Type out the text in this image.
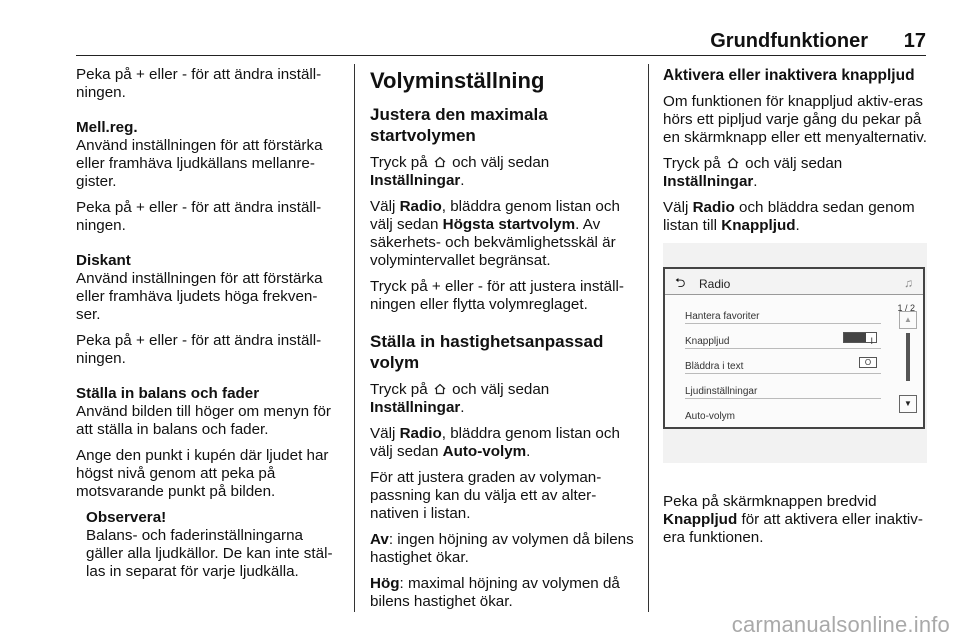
Grundfunktioner 17

Peka på + eller - för att ändra inställ-ningen.

Mell.reg.
Använd inställningen för att förstärka eller framhäva ljudkällans mellanre-gister.

Peka på + eller - för att ändra inställ-ningen.

Diskant
Använd inställningen för att förstärka eller framhäva ljudets höga frekven-ser.

Peka på + eller - för att ändra inställ-ningen.

Ställa in balans och fader
Använd bilden till höger om menyn för att ställa in balans och fader.

Ange den punkt i kupén där ljudet har högst nivå genom att peka på motsvarande punkt på bilden.

Observera!
Balans- och faderinställningarna gäller alla ljudkällor. De kan inte stäl-las in separat för varje ljudkälla.

Volyminställning
Justera den maximala startvolymen

Tryck på och välj sedan
Inställningar.

Välj Radio, bläddra genom listan och välj sedan Högsta startvolym. Av säkerhets- och bekvämlighetsskäl är volymintervallet begränsat.

Tryck på + eller - för att justera inställ-ningen eller flytta volymreglaget.

Ställa in hastighetsanpassad volym

Tryck på och välj sedan
Inställningar.

Välj Radio, bläddra genom listan och välj sedan Auto-volym.

För att justera graden av volyman-passning kan du välja ett av alter-nativen i listan.

Av: ingen höjning av volymen då bilens hastighet ökar.

Hög: maximal höjning av volymen då bilens hastighet ökar.

Aktivera eller inaktivera knappljud

Om funktionen för knappljud aktiv-eras hörs ett pipljud varje gång du pekar på en skärmknapp eller ett menyalternativ.

Tryck på och välj sedan
Inställningar.

Välj Radio och bläddra sedan genom listan till Knappljud.

⮌ Radio	♫
Hantera favoriter
Knappljud	I
Bläddra i text	O
Ljudinställningar
Auto-volym
1 / 2
▲
▼

Peka på skärmknappen bredvid
Knappljud för att aktivera eller inaktiv-era funktionen.

carmanualsonline.info
